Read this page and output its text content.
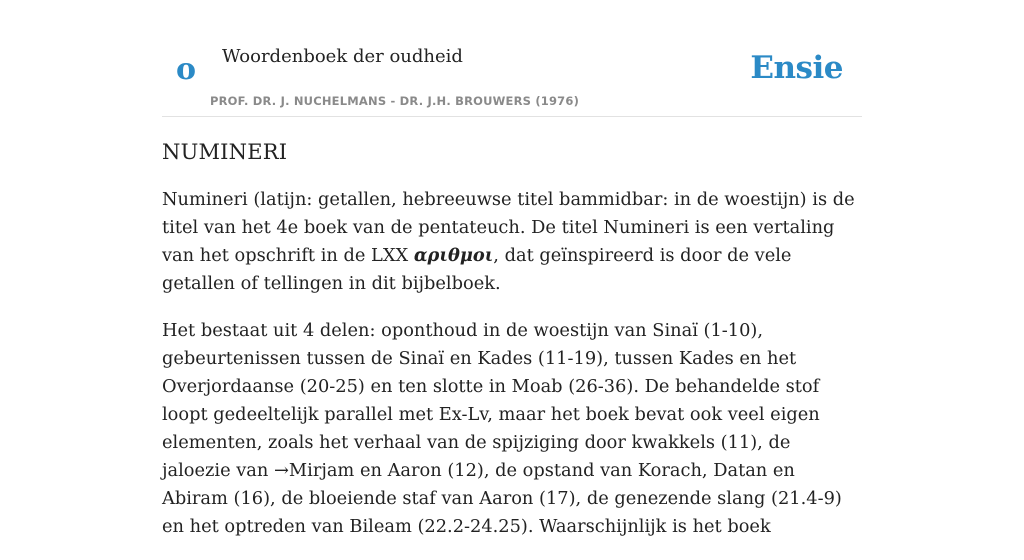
o Woordenboek der oudheid
PROF. DR. J. NUCHELMANS - DR. J.H. BROUWERS (1976)
Ensie
NUMINERI

Numineri (latijn: getallen, hebreeuwse titel bammidbar: in de woestijn) is de titel van het 4e boek van de pentateuch. De titel Numineri is een vertaling van het opschrift in de LXX αριθμοι, dat geïnspireerd is door de vele getallen of tellingen in dit bijbelboek.

Het bestaat uit 4 delen: oponthoud in de woestijn van Sinaï (1-10), gebeurtenissen tussen de Sinaï en Kades (11-19), tussen Kades en het Overjordaanse (20-25) en ten slotte in Moab (26-36). De behandelde stof loopt gedeeltelijk parallel met Ex-Lv, maar het boek bevat ook veel eigen elementen, zoals het verhaal van de spijziging door kwakkels (11), de jaloezie van →Mirjam en Aaron (12), de opstand van Korach, Datan en Abiram (16), de bloeiende staf van Aaron (17), de genezende slang (21.4-9) en het optreden van Bileam (22.2-24.25). Waarschijnlijk is het boek
